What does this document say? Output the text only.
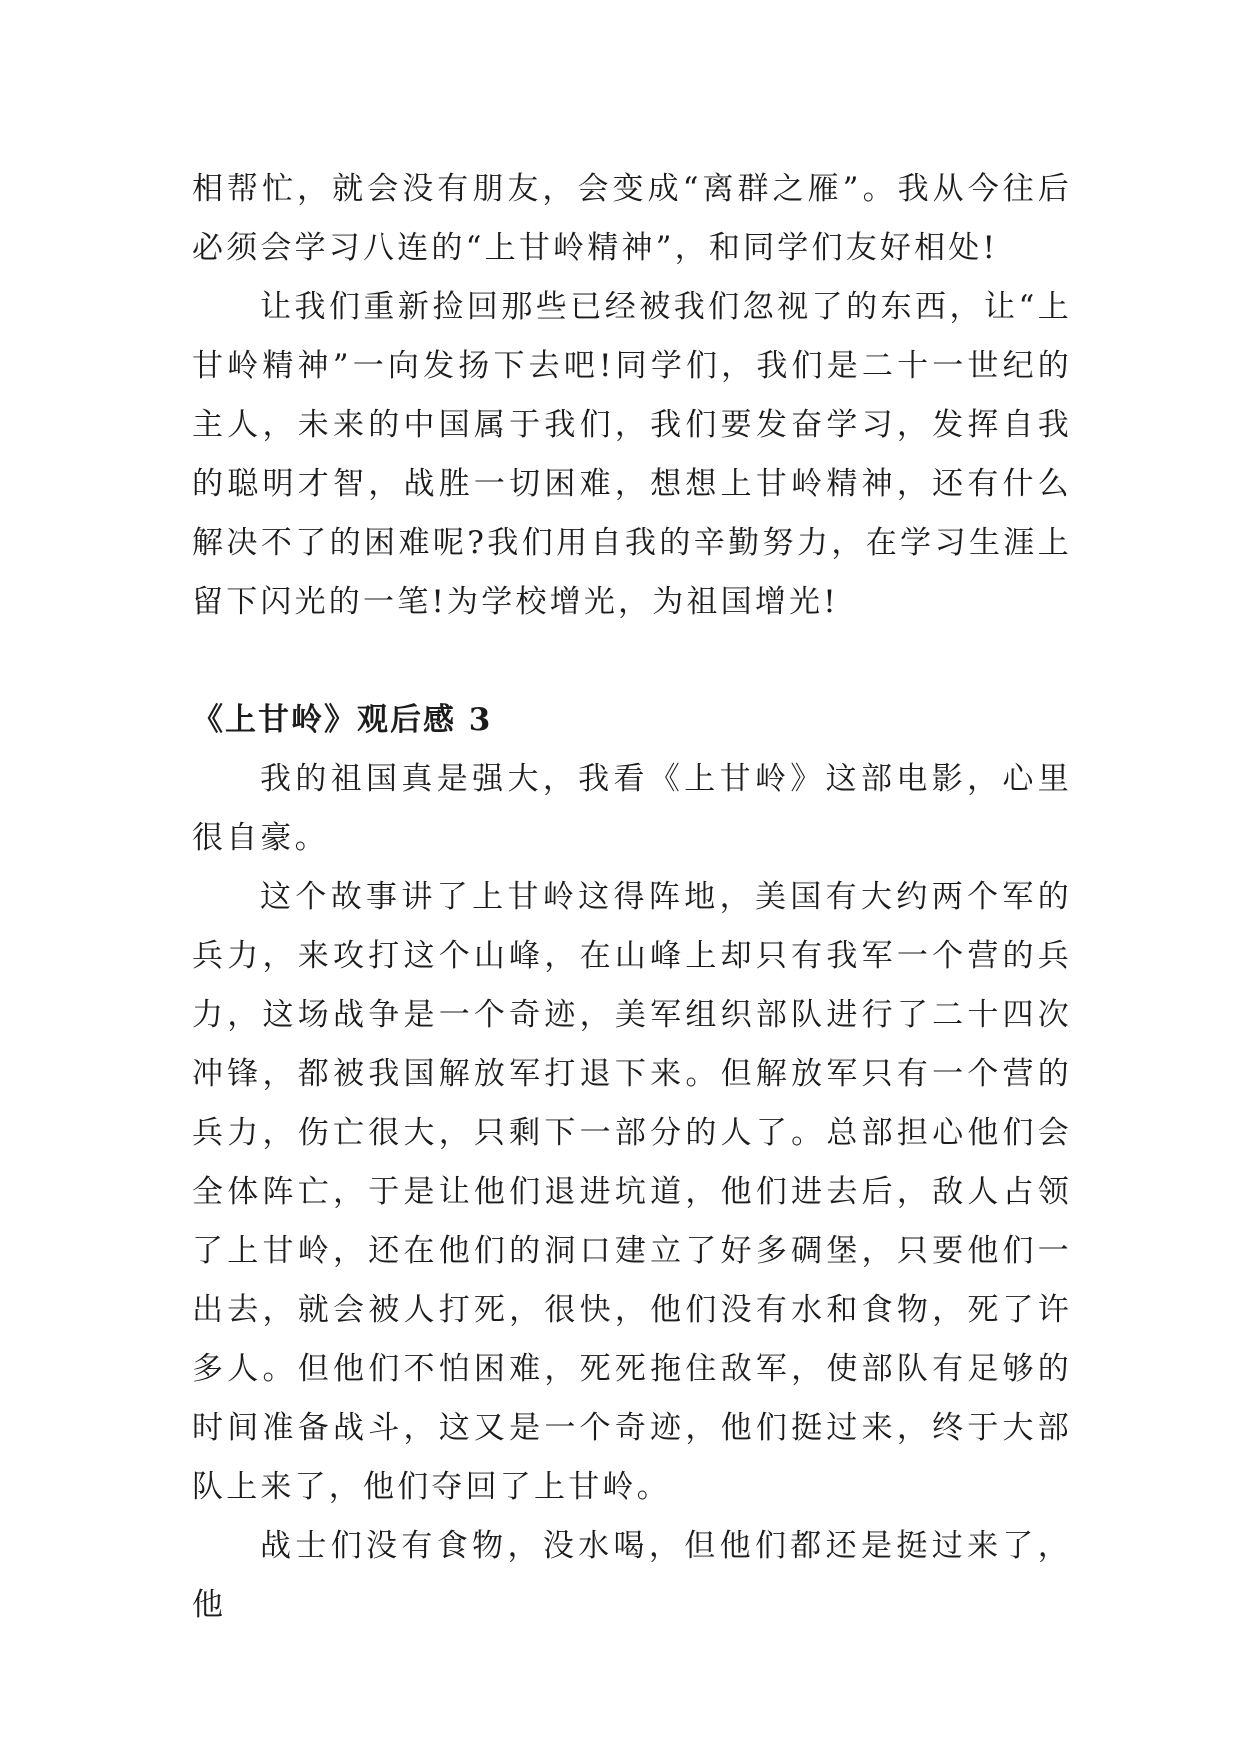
相帮忙，就会没有朋友，会变成“离群之雁”。我从今往后必须会学习八连的“上甘岭精神”，和同学们友好相处!

让我们重新捡回那些已经被我们忽视了的东西，让“上甘岭精神”一向发扬下去吧!同学们，我们是二十一世纪的主人，未来的中国属于我们，我们要发奋学习，发挥自我的聪明才智，战胜一切困难，想想上甘岭精神，还有什么解决不了的困难呢?我们用自我的辛勤努力，在学习生涯上留下闪光的一笔!为学校增光，为祖国增光!

《上甘岭》观后感 3

我的祖国真是强大，我看《上甘岭》这部电影，心里很自豪。

这个故事讲了上甘岭这得阵地，美国有大约两个军的兵力，来攻打这个山峰，在山峰上却只有我军一个营的兵力，这场战争是一个奇迹，美军组织部队进行了二十四次冲锋，都被我国解放军打退下来。但解放军只有一个营的兵力，伤亡很大，只剩下一部分的人了。总部担心他们会全体阵亡，于是让他们退进坑道，他们进去后，敌人占领了上甘岭，还在他们的洞口建立了好多碉堡，只要他们一出去，就会被人打死，很快，他们没有水和食物，死了许多人。但他们不怕困难，死死拖住敌军，使部队有足够的时间准备战斗，这又是一个奇迹，他们挺过来，终于大部队上来了，他们夺回了上甘岭。

战士们没有食物，没水喝，但他们都还是挺过来了，他
